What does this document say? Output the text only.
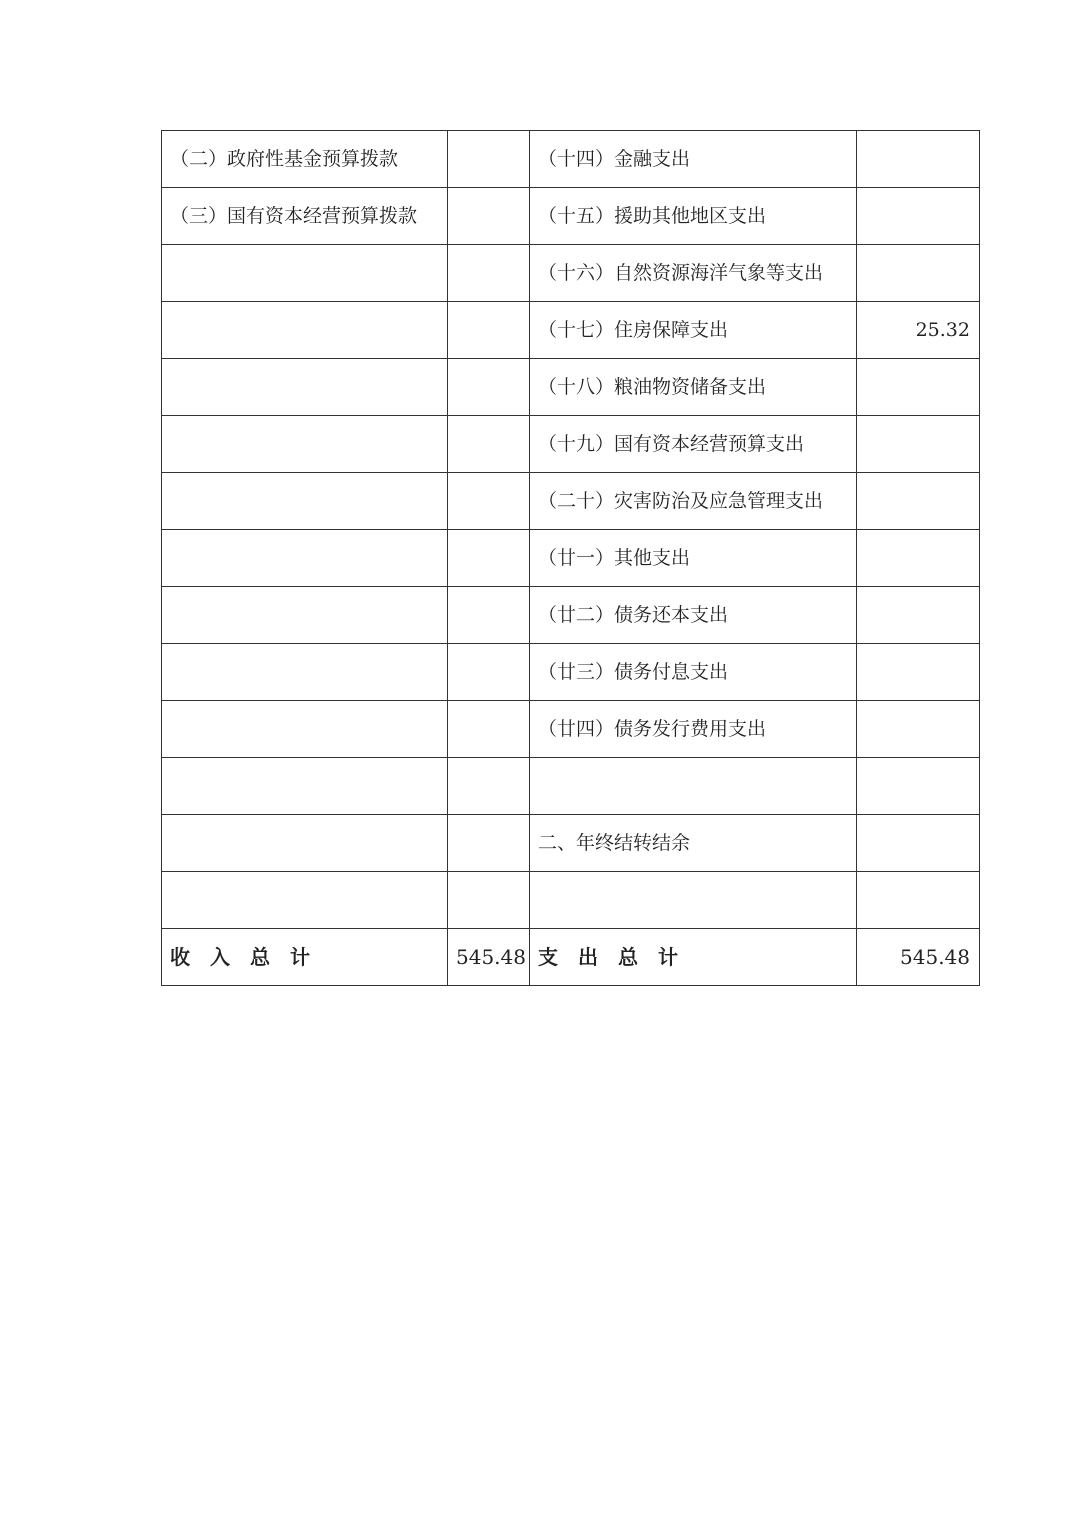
（二）政府性基金预算拨款		（十四）金融支出	
（三）国有资本经营预算拨款		（十五）援助其他地区支出	
		（十六）自然资源海洋气象等支出	
		（十七）住房保障支出	25.32
		（十八）粮油物资储备支出	
		（十九）国有资本经营预算支出	
		（二十）灾害防治及应急管理支出	
		（廿一）其他支出	
		（廿二）债务还本支出	
		（廿三）债务付息支出	
		（廿四）债务发行费用支出	

		二、年终结转结余	

收　入　总　计	545.48	支　出　总　计	545.48
